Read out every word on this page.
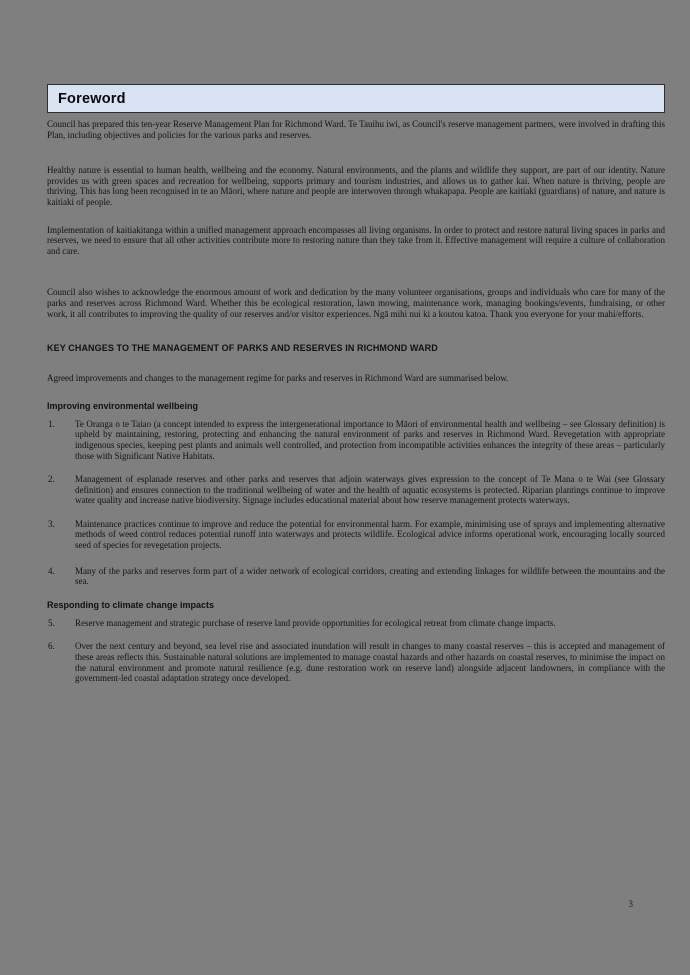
Foreword

Council has prepared this ten-year Reserve Management Plan for Richmond Ward. Te Tauihu iwi, as Council's reserve management partners, were involved in drafting this Plan, including objectives and policies for the various parks and reserves.

Healthy nature is essential to human health, wellbeing and the economy. Natural environments, and the plants and wildlife they support, are part of our identity. Nature provides us with green spaces and recreation for wellbeing, supports primary and tourism industries, and allows us to gather kai. When nature is thriving, people are thriving. This has long been recognised in te ao Māori, where nature and people are interwoven through whakapapa. People are kaitiaki (guardians) of nature, and nature is kaitiaki of people.

Implementation of kaitiakitanga within a unified management approach encompasses all living organisms. In order to protect and restore natural living spaces in parks and reserves, we need to ensure that all other activities contribute more to restoring nature than they take from it. Effective management will require a culture of collaboration and care.

Council also wishes to acknowledge the enormous amount of work and dedication by the many volunteer organisations, groups and individuals who care for many of the parks and reserves across Richmond Ward. Whether this be ecological restoration, lawn mowing, maintenance work, managing bookings/events, fundraising, or other work, it all contributes to improving the quality of our reserves and/or visitor experiences. Ngā mihi nui ki a koutou katoa. Thank you everyone for your mahi/efforts.

KEY CHANGES TO THE MANAGEMENT OF PARKS AND RESERVES IN RICHMOND WARD

Agreed improvements and changes to the management regime for parks and reserves in Richmond Ward are summarised below.

Improving environmental wellbeing
1. Te Oranga o te Taiao (a concept intended to express the intergenerational importance to Māori of environmental health and wellbeing – see Glossary definition) is upheld by maintaining, restoring, protecting and enhancing the natural environment of parks and reserves in Richmond Ward. Revegetation with appropriate indigenous species, keeping pest plants and animals well controlled, and protection from incompatible activities enhances the integrity of these areas – particularly those with Significant Native Habitats.
2. Management of esplanade reserves and other parks and reserves that adjoin waterways gives expression to the concept of Te Mana o te Wai (see Glossary definition) and ensures connection to the traditional wellbeing of water and the health of aquatic ecosystems is protected. Riparian plantings continue to improve water quality and increase native biodiversity. Signage includes educational material about how reserve management protects waterways.
3. Maintenance practices continue to improve and reduce the potential for environmental harm. For example, minimising use of sprays and implementing alternative methods of weed control reduces potential runoff into waterways and protects wildlife. Ecological advice informs operational work, encouraging locally sourced seed of species for revegetation projects.
4. Many of the parks and reserves form part of a wider network of ecological corridors, creating and extending linkages for wildlife between the mountains and the sea.
Responding to climate change impacts
5. Reserve management and strategic purchase of reserve land provide opportunities for ecological retreat from climate change impacts.
6. Over the next century and beyond, sea level rise and associated inundation will result in changes to many coastal reserves – this is accepted and management of these areas reflects this. Sustainable natural solutions are implemented to manage coastal hazards and other hazards on coastal reserves, to minimise the impact on the natural environment and promote natural resilience (e.g. dune restoration work on reserve land) alongside adjacent landowners, in compliance with the government-led coastal adaptation strategy once developed.
3
